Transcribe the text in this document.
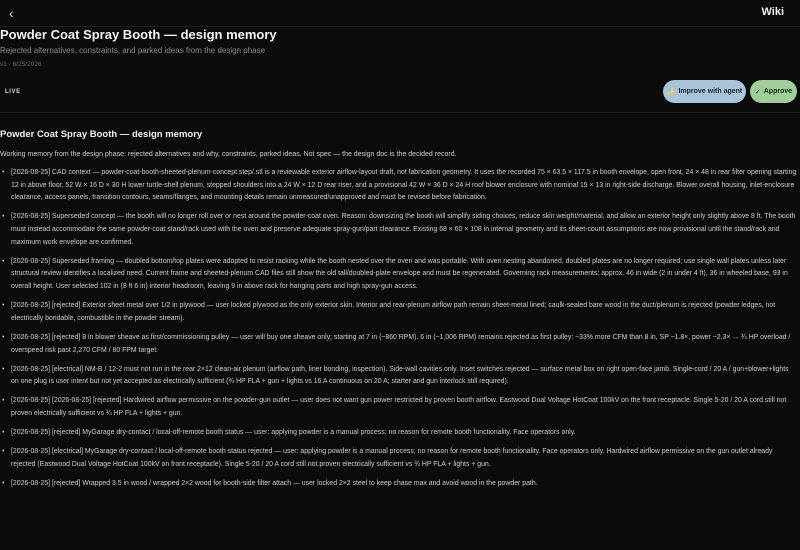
‹	Wiki
Powder Coat Spray Booth — design memory
Rejected alternatives, constraints, and parked ideas from the design phase
v1 · 8/25/2026
LIVE	✨ Improve with agent ✓ Approve
Powder Coat Spray Booth — design memory
Working memory from the design phase: rejected alternatives and why, constraints, parked ideas. Not spec — the design doc is the decided record.
• [2026-08-25] CAD context — powder-coat-booth-sheeted-plenum-concept.step/.stl is a reviewable exterior airflow-layout draft, not fabrication geometry. It uses the recorded 75 × 63.5 × 117.5 in booth envelope, open front, 24 × 48 in rear filter opening starting 12 in above floor, 52 W × 16 D × 30 H lower turtle-shell plenum, stepped shoulders into a 24 W × 12 D rear riser, and a provisional 42 W × 36 D × 24 H roof blower enclosure with nominal 15 × 13 in right-side discharge. Blower overall housing, inlet-enclosure clearance, access panels, transition contours, seams/flanges, and mounting details remain unmeasured/unapproved and must be revised before fabrication.
• [2026-08-25] Superseded concept — the booth will no longer roll over or nest around the powder-coat oven. Reason: downsizing the booth will simplify siding choices, reduce skin weight/material, and allow an exterior height only slightly above 8 ft. The booth must instead accommodate the same powder-coat stand/rack used with the oven and preserve adequate spray-gun/part clearance. Existing 68 × 60 × 108 in internal geometry and its sheet-count assumptions are now provisional until the stand/rack and maximum work envelope are confirmed.
• [2026-08-25] Superseded framing — doubled bottom/top plates were adopted to resist racking while the booth nested over the oven and was portable. With oven nesting abandoned, doubled plates are no longer required; use single wall plates unless later structural review identifies a localized need. Current frame and sheeted-plenum CAD files still show the old tall/doubled-plate envelope and must be regenerated. Governing rack measurements: approx. 46 in wide (2 in under 4 ft), 36 in wheeled base, 93 in overall height. User selected 102 in (8 ft 6 in) interior headroom, leaving 9 in above rack for hanging parts and high spray-gun access.
• [2026-08-25] [rejected] Exterior sheet metal over 1/2 in plywood — user locked plywood as the only exterior skin. Interior and rear-plenum airflow path remain sheet-metal lined; caulk-sealed bare wood in the duct/plenum is rejected (powder ledges, not electrically bondable, combustible in the powder stream).
• [2026-08-25] [rejected] 8 in blower sheave as first/commissioning pulley — user will buy one sheave only; starting at 7 in (~860 RPM). 6 in (~1,006 RPM) remains rejected as first pulley: ~33% more CFM than 8 in, SP ~1.8×, power ~2.3× → ¾ HP overload / overspeed risk past 2,270 CFM / 80 FPM target.
• [2026-08-25] [electrical] NM-B / 12-2 must not run in the rear 2×12 clean-air plenum (airflow path, liner bonding, inspection). Side-wall cavities only. Inset switches rejected — surface metal box on right open-face jamb. Single-cord / 20 A / gun+blower+lights on one plug is user intent but not yet accepted as electrically sufficient (¾ HP FLA + gun + lights vs 16 A continuous on 20 A; starter and gun interlock still required).
• [2026-08-25] [2026-08-25] [rejected] Hardwired airflow permissive on the powder-gun outlet — user does not want gun power restricted by proven booth airflow. Eastwood Dual Voltage HotCoat 100kV on the front receptacle. Single 5-20 / 20 A cord still not proven electrically sufficient vs ¾ HP FLA + lights + gun.
• [2026-08-25] [rejected] MyGarage dry-contact / local-off-remote booth status — user: applying powder is a manual process; no reason for remote booth functionality. Face operators only.
• [2026-08-25] [electrical] MyGarage dry-contact / local-off-remote booth status rejected — user: applying powder is a manual process; no reason for remote booth functionality. Face operators only. Hardwired airflow permissive on the gun outlet already rejected (Eastwood Dual Voltage HotCoat 100kV on front receptacle). Single 5-20 / 20 A cord still not proven electrically sufficient vs ¾ HP FLA + lights + gun.
• [2026-08-25] [rejected] Wrapped 3.5 in wood / wrapped 2×2 wood for booth-side filter attach — user locked 2×2 steel to keep chase max and avoid wood in the powder path.
